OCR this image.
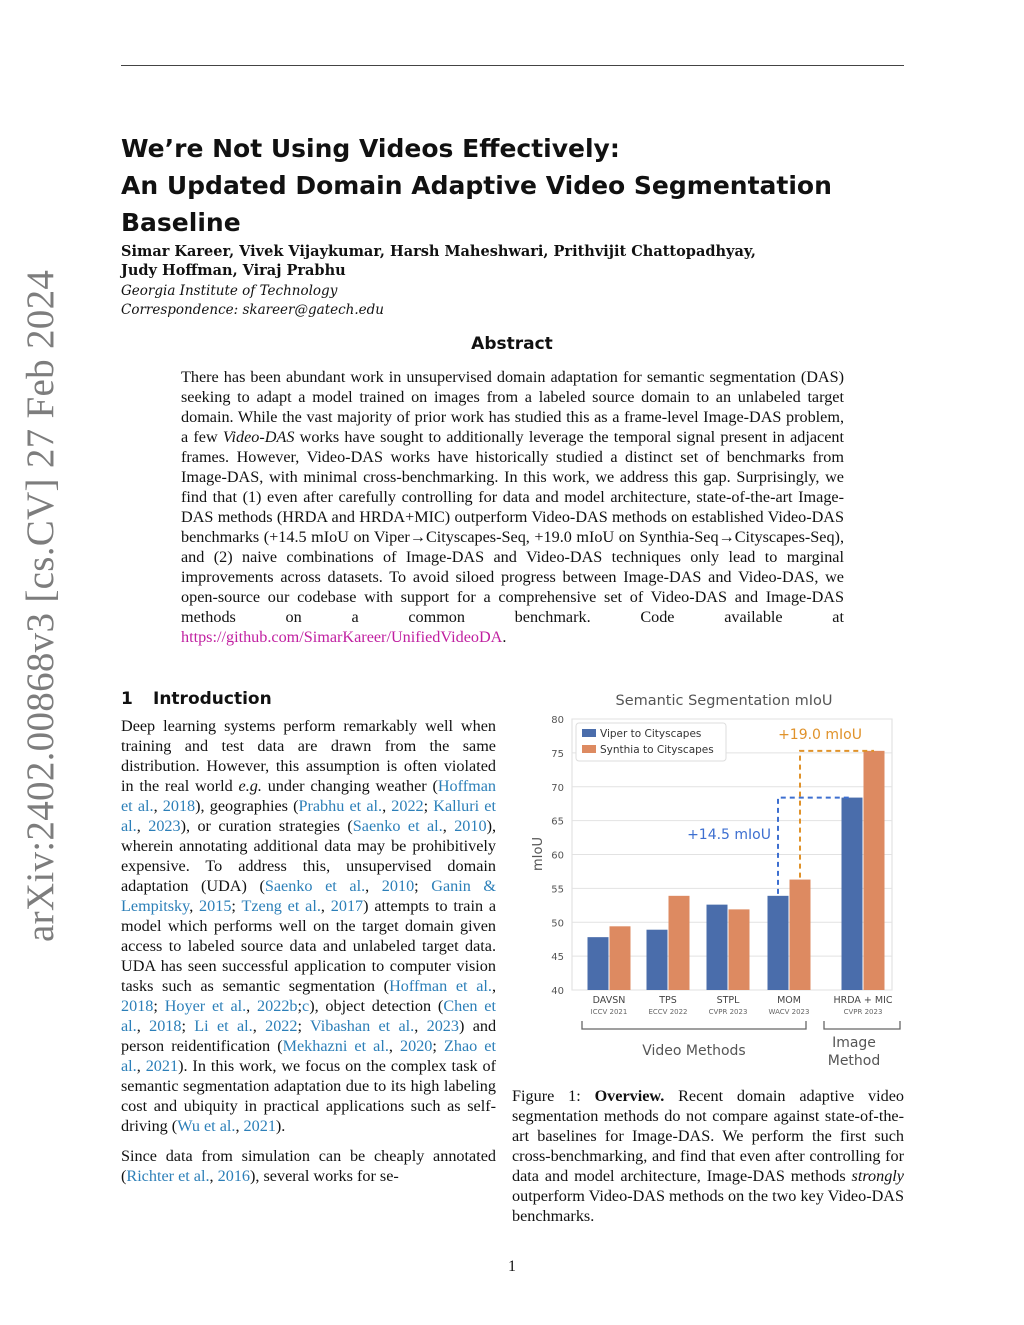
arXiv:2402.00868v3 [cs.CV] 27 Feb 2024
We’re Not Using Videos Effectively:
An Updated Domain Adaptive Video Segmentation Baseline
Simar Kareer, Vivek Vijaykumar, Harsh Maheshwari, Prithvijit Chattopadhyay,
Judy Hoffman, Viraj Prabhu
Georgia Institute of Technology
Correspondence: skareer@gatech.edu
Abstract
There has been abundant work in unsupervised domain adaptation for semantic segmentation (DAS) seeking to adapt a model trained on images from a labeled source domain to an unlabeled target domain. While the vast majority of prior work has studied this as a frame-level Image-DAS problem, a few Video-DAS works have sought to additionally leverage the temporal signal present in adjacent frames. However, Video-DAS works have historically studied a distinct set of benchmarks from Image-DAS, with minimal cross-benchmarking. In this work, we address this gap. Surprisingly, we find that (1) even after carefully controlling for data and model architecture, state-of-the-art Image-DAS methods (HRDA and HRDA+MIC) outperform Video-DAS methods on established Video-DAS benchmarks (+14.5 mIoU on Viper→Cityscapes-Seq, +19.0 mIoU on Synthia-Seq→Cityscapes-Seq), and (2) naive combinations of Image-DAS and Video-DAS techniques only lead to marginal improvements across datasets. To avoid siloed progress between Image-DAS and Video-DAS, we open-source our codebase with support for a comprehensive set of Video-DAS and Image-DAS methods on a common benchmark. Code available at https://github.com/SimarKareer/UnifiedVideoDA.
1 Introduction

Deep learning systems perform remarkably well when training and test data are drawn from the same distribution. However, this assumption is often violated in the real world e.g. under changing weather (Hoffman et al., 2018), geographies (Prabhu et al., 2022; Kalluri et al., 2023), or curation strategies (Saenko et al., 2010), wherein annotating additional data may be prohibitively expensive. To address this, unsupervised domain adaptation (UDA) (Saenko et al., 2010; Ganin & Lempitsky, 2015; Tzeng et al., 2017) attempts to train a model which performs well on the target domain given access to labeled source data and unlabeled target data. UDA has seen successful application to computer vision tasks such as semantic segmentation (Hoffman et al., 2018; Hoyer et al., 2022b;c), object detection (Chen et al., 2018; Li et al., 2022; Vibashan et al., 2023) and person reidentification (Mekhazni et al., 2020; Zhao et al., 2021). In this work, we focus on the complex task of semantic segmentation adaptation due to its high labeling cost and ubiquity in practical applications such as self-driving (Wu et al., 2021).

Since data from simulation can be cheaply annotated (Richter et al., 2016), several works for se-

Semantic Segmentation mIoU
mIoU
40
45
50
55
60
65
70
75
80
+14.5 mIoU
+19.0 mIoU
Viper to Cityscapes
Synthia to Cityscapes
DAVSN
ICCV 2021
TPS
ECCV 2022
STPL
CVPR 2023
MOM
WACV 2023
HRDA + MIC
CVPR 2023
Video Methods	Image
Method
Figure 1: Overview. Recent domain adaptive video segmentation methods do not compare against state-of-the-art baselines for Image-DAS. We perform the first such cross-benchmarking, and find that even after controlling for data and model architecture, Image-DAS methods strongly outperform Video-DAS methods on the two key Video-DAS benchmarks.
1
